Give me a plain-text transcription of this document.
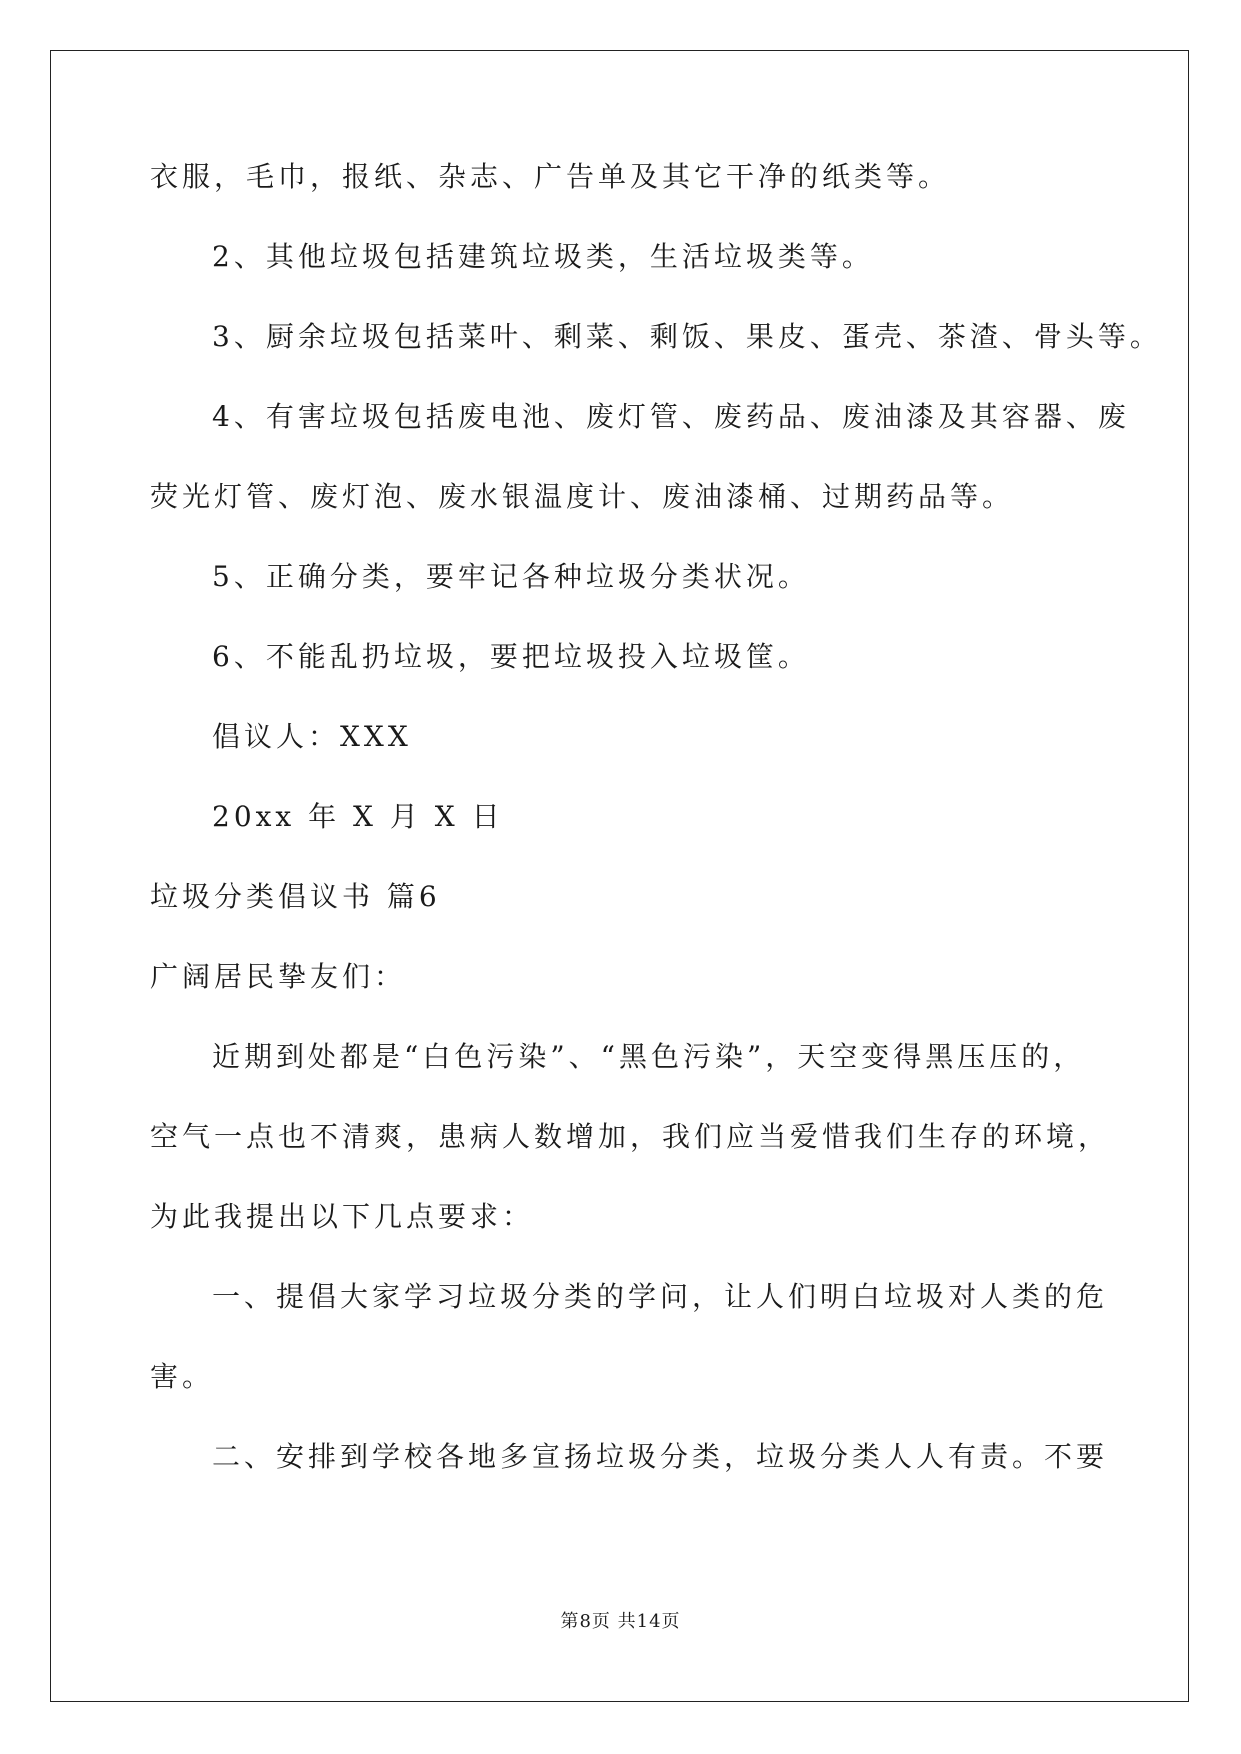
衣服，毛巾，报纸、杂志、广告单及其它干净的纸类等。
2、其他垃圾包括建筑垃圾类，生活垃圾类等。
3、厨余垃圾包括菜叶、剩菜、剩饭、果皮、蛋壳、茶渣、骨头等。
4、有害垃圾包括废电池、废灯管、废药品、废油漆及其容器、废
荧光灯管、废灯泡、废水银温度计、废油漆桶、过期药品等。
5、正确分类，要牢记各种垃圾分类状况。
6、不能乱扔垃圾，要把垃圾投入垃圾筐。
倡议人：XXX
20xx 年 X 月 X 日
垃圾分类倡议书 篇6
广阔居民挚友们：
近期到处都是“白色污染”、“黑色污染”，天空变得黑压压的，
空气一点也不清爽，患病人数增加，我们应当爱惜我们生存的环境，
为此我提出以下几点要求：
一、提倡大家学习垃圾分类的学问，让人们明白垃圾对人类的危
害。
二、安排到学校各地多宣扬垃圾分类，垃圾分类人人有责。不要
第8页 共14页
